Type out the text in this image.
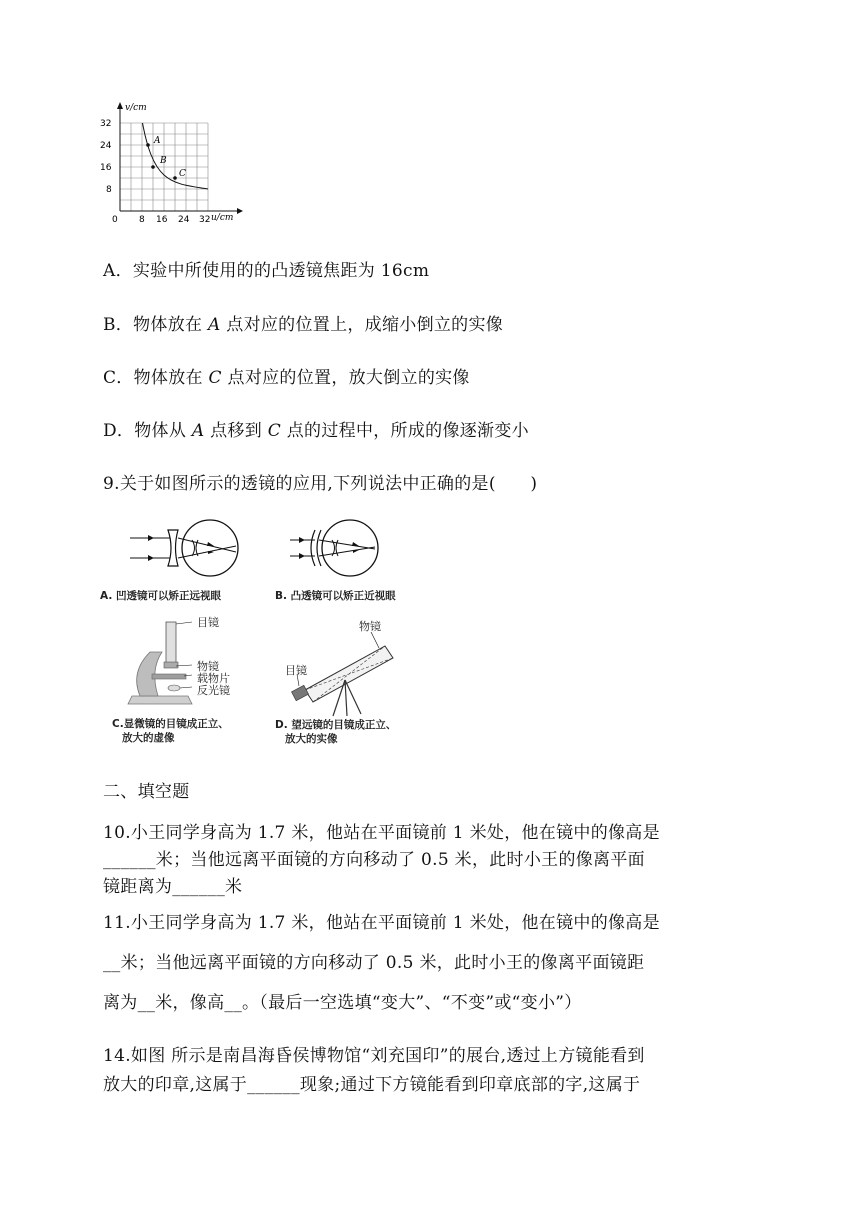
A
B
C
32
24
16
8
0 8 16 24 32
v/cm
u/cm
A．实验中所使用的的凸透镜焦距为 16cm
B．物体放在 A 点对应的位置上，成缩小倒立的实像
C．物体放在 C 点对应的位置，放大倒立的实像
D．物体从 A 点移到 C 点的过程中，所成的像逐渐变小
9.关于如图所示的透镜的应用,下列说法中正确的是(　　)
A. 凹透镜可以矫正远视眼	B. 凸透镜可以矫正近视眼
目镜
物镜
载物片
反光镜
C.显微镜的目镜成正立、
放大的虚像
物镜
目镜
D. 望远镜的目镜成正立、
放大的实像
二、填空题
10.小王同学身高为 1.7 米，他站在平面镜前 1 米处，他在镜中的像高是
______米；当他远离平面镜的方向移动了 0.5 米，此时小王的像离平面
镜距离为______米
11.小王同学身高为 1.7 米，他站在平面镜前 1 米处，他在镜中的像高是
__米；当他远离平面镜的方向移动了 0.5 米，此时小王的像离平面镜距
离为__米，像高__。（最后一空选填“变大”、“不变”或“变小”）
14.如图 所示是南昌海昏侯博物馆“刘充国印”的展台,透过上方镜能看到
放大的印章,这属于______现象;通过下方镜能看到印章底部的字,这属于
